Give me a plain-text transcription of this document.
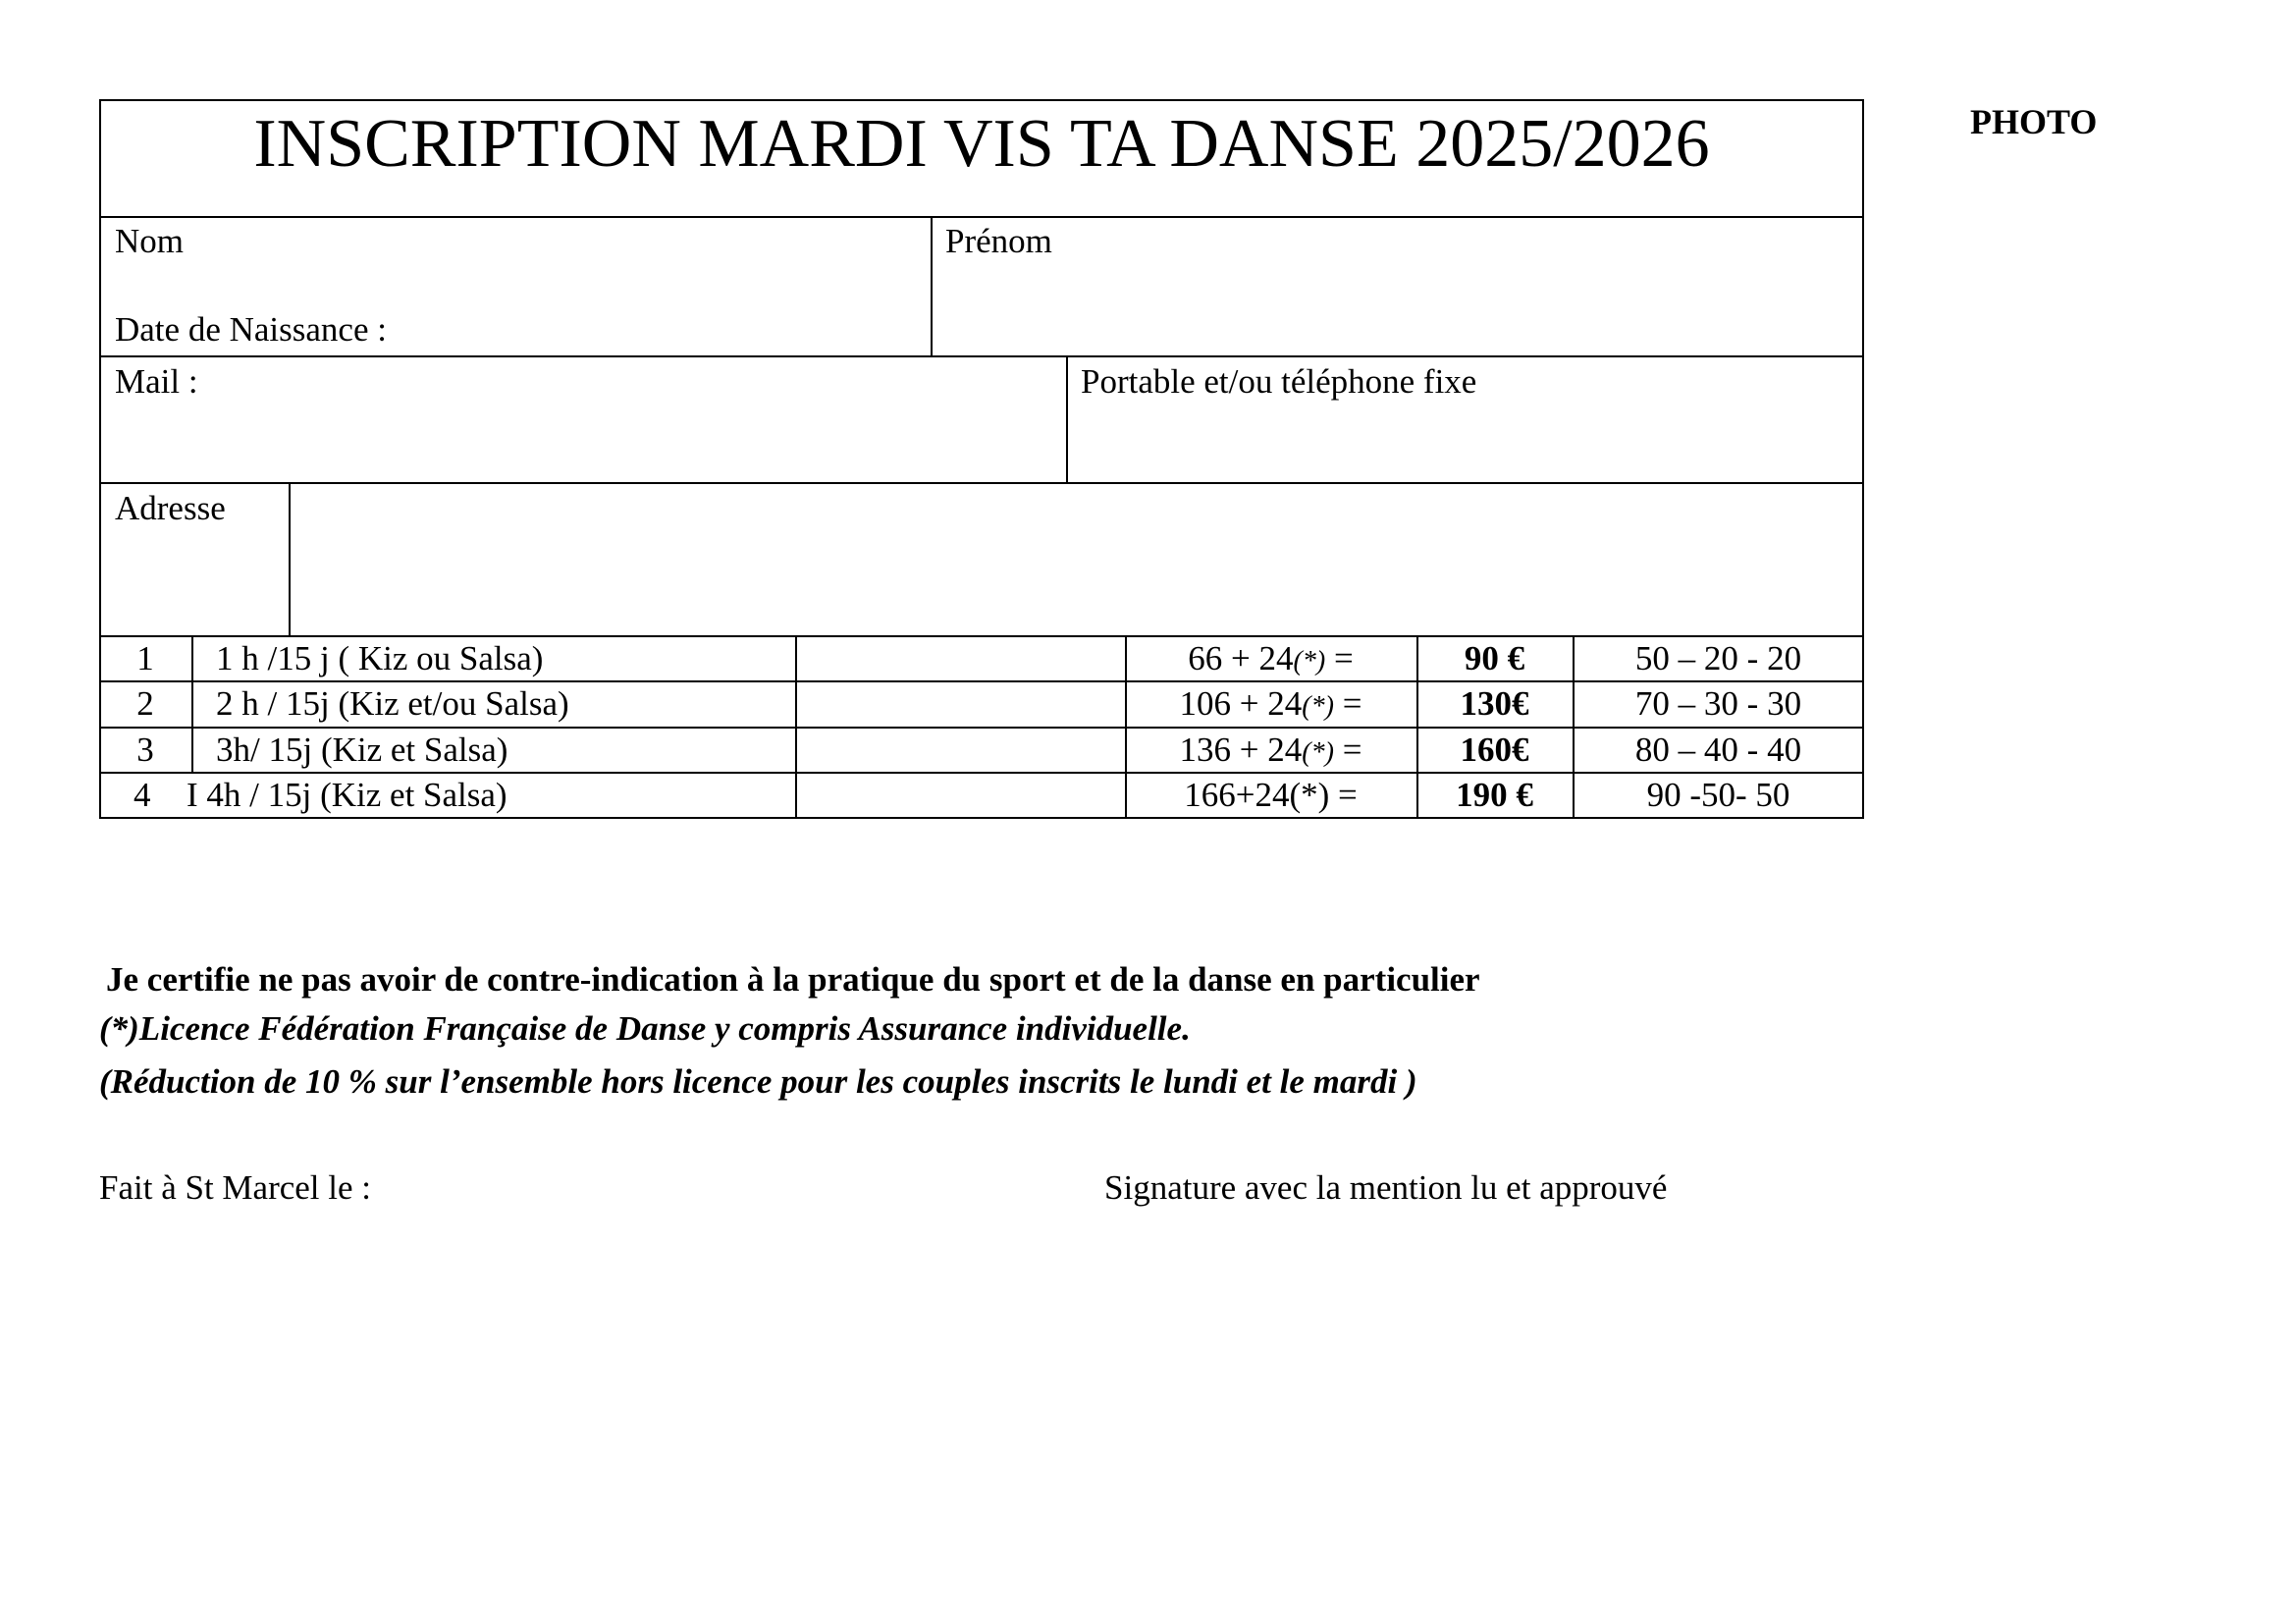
PHOTO
INSCRIPTION MARDI VIS TA DANSE 2025/2026
Nom
Date de Naissance :
Prénom
Mail :	Portable et/ou téléphone fixe
Adresse
1	1 h /15 j ( Kiz ou Salsa)	66 + 24(*) =	90 €	50 – 20 - 20
2	2 h / 15j (Kiz et/ou Salsa)	106 + 24(*) =	130€	70 – 30 - 30
3	3h/ 15j (Kiz et Salsa)	136 + 24(*) =	160€	80 – 40 - 40
4 I 4h / 15j (Kiz et Salsa)	166+24(*) =	190 €	90 -50- 50
Je certifie ne pas avoir de contre-indication à la pratique du sport et de la danse en particulier
(*)Licence Fédération Française de Danse y compris Assurance individuelle.
(Réduction de 10 % sur l’ensemble hors licence pour les couples inscrits le lundi et le mardi )
Fait à St Marcel le :	Signature avec la mention lu et approuvé
